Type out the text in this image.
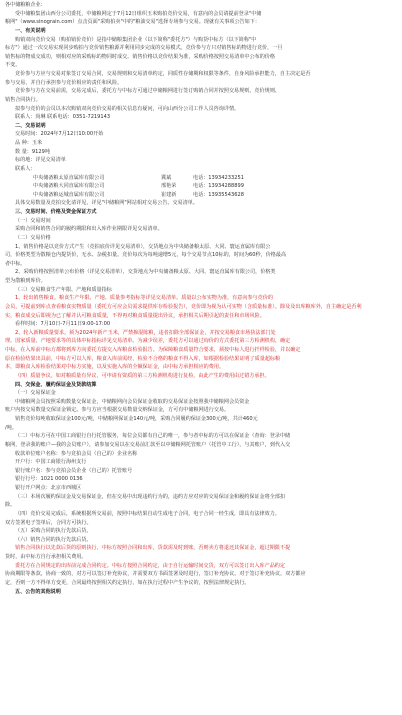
各中储粮粮企业：

受中储粮集团山西分公司委托，中储粮网定于7月12日组织玉米购拍竞价交易，有意向的会员请提前登录"中储

粮网"（www.sinograin.com）点击页面"采购拍卖"中的"粮油交易"选择专场参与交易。现就有关事项公告如下：

一、有关说明

购销双向竞价交易（购拍销价竞价）是指中储粮集团企业（以下简称"委托方"）与购货中标方（以下简称"中

标方"）通过一次交易实现同步购拍与竞价销售粮源并利用同步完成的交易模式。竞价参与方只对销售标的物进行竞价，一旦

销售标的物成交成功，则相对应的采购标的物同时成交。销售价格以竞价结果为准，采购价格按照交易清单中公布的价格

不变。

竞价参与方应与交易对象签订交易合同，交易规则和交易清单约定，同质性存储期和权限等条件，自身风险承担能力，自主决定是否

参与交易，并自行承担参与竞价相应的责任和风险。

竞价参与方在交易前需，交易完成后，委托方与中标方可通过中储粮网进行签订购销合同并按照交易规则、竞价规则、

销售合同执行。

拟参与竞价的会员以本次购销双向竞价交易的相关信息有疑问，可向山西分公司工作人员咨询详情。

联系人：尚琳 联系电话：0351-7219143

二、交易说明

交易时间：2024年7月12日10:00开始

品 种：玉米

数 量：9129吨

标的地：详见交易清单

联系人：

中央储备粮太原直属库有限公司	冀斌	电话：13934233251
中央储备粮大同直属库有限公司	邢艳荣	电话：13934288899
中央储备粮运城直属库有限公司	崔建新	电话：13935543628

具体交易数量及竞拍交化请详见，详见"中储粮网"网站相对交易公告、交易清单。

三、交易时间、价格及资金保证方式

（一）交易时间

采购合同和销售合同的履约期限和出入库作业期限详见交易清单。

（二）交易价格

1、销售价格是以竞价方式产生（竞拍底价详见交易清单），交货地点为中央储备粮太原、大同、寰运直属库有限公

司，价格类型为散粮仓内提货价，无水、杂税扣量。竞价每次为每吨递增5元，每个交易节点10标的，时间为60秒，价格最高

者中标。

2、采购价格按照清单公布价格（详见交易清单），交货地点为中央储备粮太原、大同、寰运直属库有限公司，价格类

型为散粮到库价。

（三）交易粮食生产年限、产地和质量指标

1、轮出销售粮食。粮食生产年限、产地、质量参考指标等详见交易清单。质量以公布实物为准，有意向参与竞价的

会员，可提前到库点查看粮食实物质量（委托方可应会员需求提供库存检验报告），竞价即为视为认可实物（含质量标准）。除及及出库粮库外，自主确定是否利

实，粮食成交后即视为已了解并认可粮食质量，不得再对粮食质量提出异议，承担相关后期引起的责任和市场风险。

看样时间：7月10日-7月11日9:00-17:00

2、轮入新粮质量要求。须为2024年新产玉米，严禁掺混陈粮，违者扣除全部保证金，并按交易粮食市场执法部门处

理。国家质量、产地要求等的具体中标指标详见交易清单。为减少误差，委托方可以通过询价的方式委托第三方检测机构，确定

中标，在入库前中标方都将到库方向委托方提交入库粮食检验报告。为保障粮食质量符合要求，须按中标人进行扦样检验，并以确定

原在检验结果出具前，中标方可以人库，粮食入库前需经，检验不合格的粮食不得入库，如根据检验结果证明了质量超标粮

本，即粮食入库检验结果对中标方实施，以及实施入库的全额保证金，由中标方承担相应的费用。

（四）质量争议。如对粮质量有异议，可申请有资质的第三方检测机构进行复检，由此产生的费用由过错方承担。

四、交保金、履约保证金及货款结算

（一）交易保证金

中储粮网会员按照采购数量交保证金，中储粮网向会员保证金收取的交易保证金按照我中储粮网会员资金

账户内按交易数量交保证金锁定。参与方应当根据交易数量交纳保证金，方可有中储粮网进行交易。

销售竞价每吨收取保证金100元/吨，中储粮网保证金140元/吨，采购合同履约保证金300元/吨，共计460元

/吨。

（二）中标方可在中国工商银行自行托管服务，每位会员都有自己的唯一，参与者中标的方可以在保证金（查询：登录中储

粮网，登录我的账户—我的会员账户），请参加交易以在交易前汇款至以中储粮网托管账户（托管中工行），与其账户，到代入交

收款单位账户名称：参与竞拍会员（自己的）企业名称

开户行：中国工商银行海州支行

银行账户名：参与竞拍会员企业（自己的）托管账号

银行行号：1021 0000 0136

银行开户网点：北京市西城区

（三）本场次履约保证金及交易保证金，但在交易中出现违约行为的，违约方应对应的交易保证金和履约保证金将全部扣

除。

（四）竞价交易完成后，系统根据所交易前，按照中标结果自动生成电子合同，电子合同一经生成，即具有法律效力。

双方签署电子签单后，合同方可执行。

（五）采购合同的执行先款后货。

（六）销售合同的执行先款后货。

销售合同执行以先款后货的原则执行，中标方按照合同和出库，货款需及时到账，否则卖方将退还其保证金，超过期限不提

货时，由中标方自行承担相关费用。

委托方在合同规定的出库前完成合同约定。中标方按照合同约定，由于自行运输时间交货，双方可以签订出入库产品约定

协商期限等条款，协商一致的，对方可以签订补充协议，并需要双方书面签署及时进行，签订补充协议。对于签订补充协议，双方都应

定，否则一方不得单方变更，合同最终按照相关约定执行，如在执行过程中产生争议的，按照法律规定执行。

五、公告的其他说明
